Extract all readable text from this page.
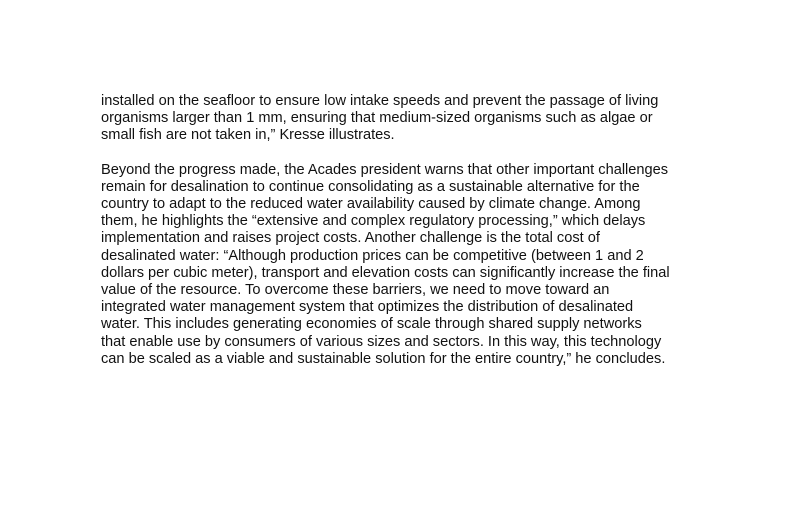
installed on the seafloor to ensure low intake speeds and prevent the passage of living
organisms larger than 1 mm, ensuring that medium-sized organisms such as algae or
small fish are not taken in,” Kresse illustrates.

Beyond the progress made, the Acades president warns that other important challenges
remain for desalination to continue consolidating as a sustainable alternative for the
country to adapt to the reduced water availability caused by climate change. Among
them, he highlights the “extensive and complex regulatory processing,” which delays
implementation and raises project costs. Another challenge is the total cost of
desalinated water: “Although production prices can be competitive (between 1 and 2
dollars per cubic meter), transport and elevation costs can significantly increase the final
value of the resource. To overcome these barriers, we need to move toward an
integrated water management system that optimizes the distribution of desalinated
water. This includes generating economies of scale through shared supply networks
that enable use by consumers of various sizes and sectors. In this way, this technology
can be scaled as a viable and sustainable solution for the entire country,” he concludes.
